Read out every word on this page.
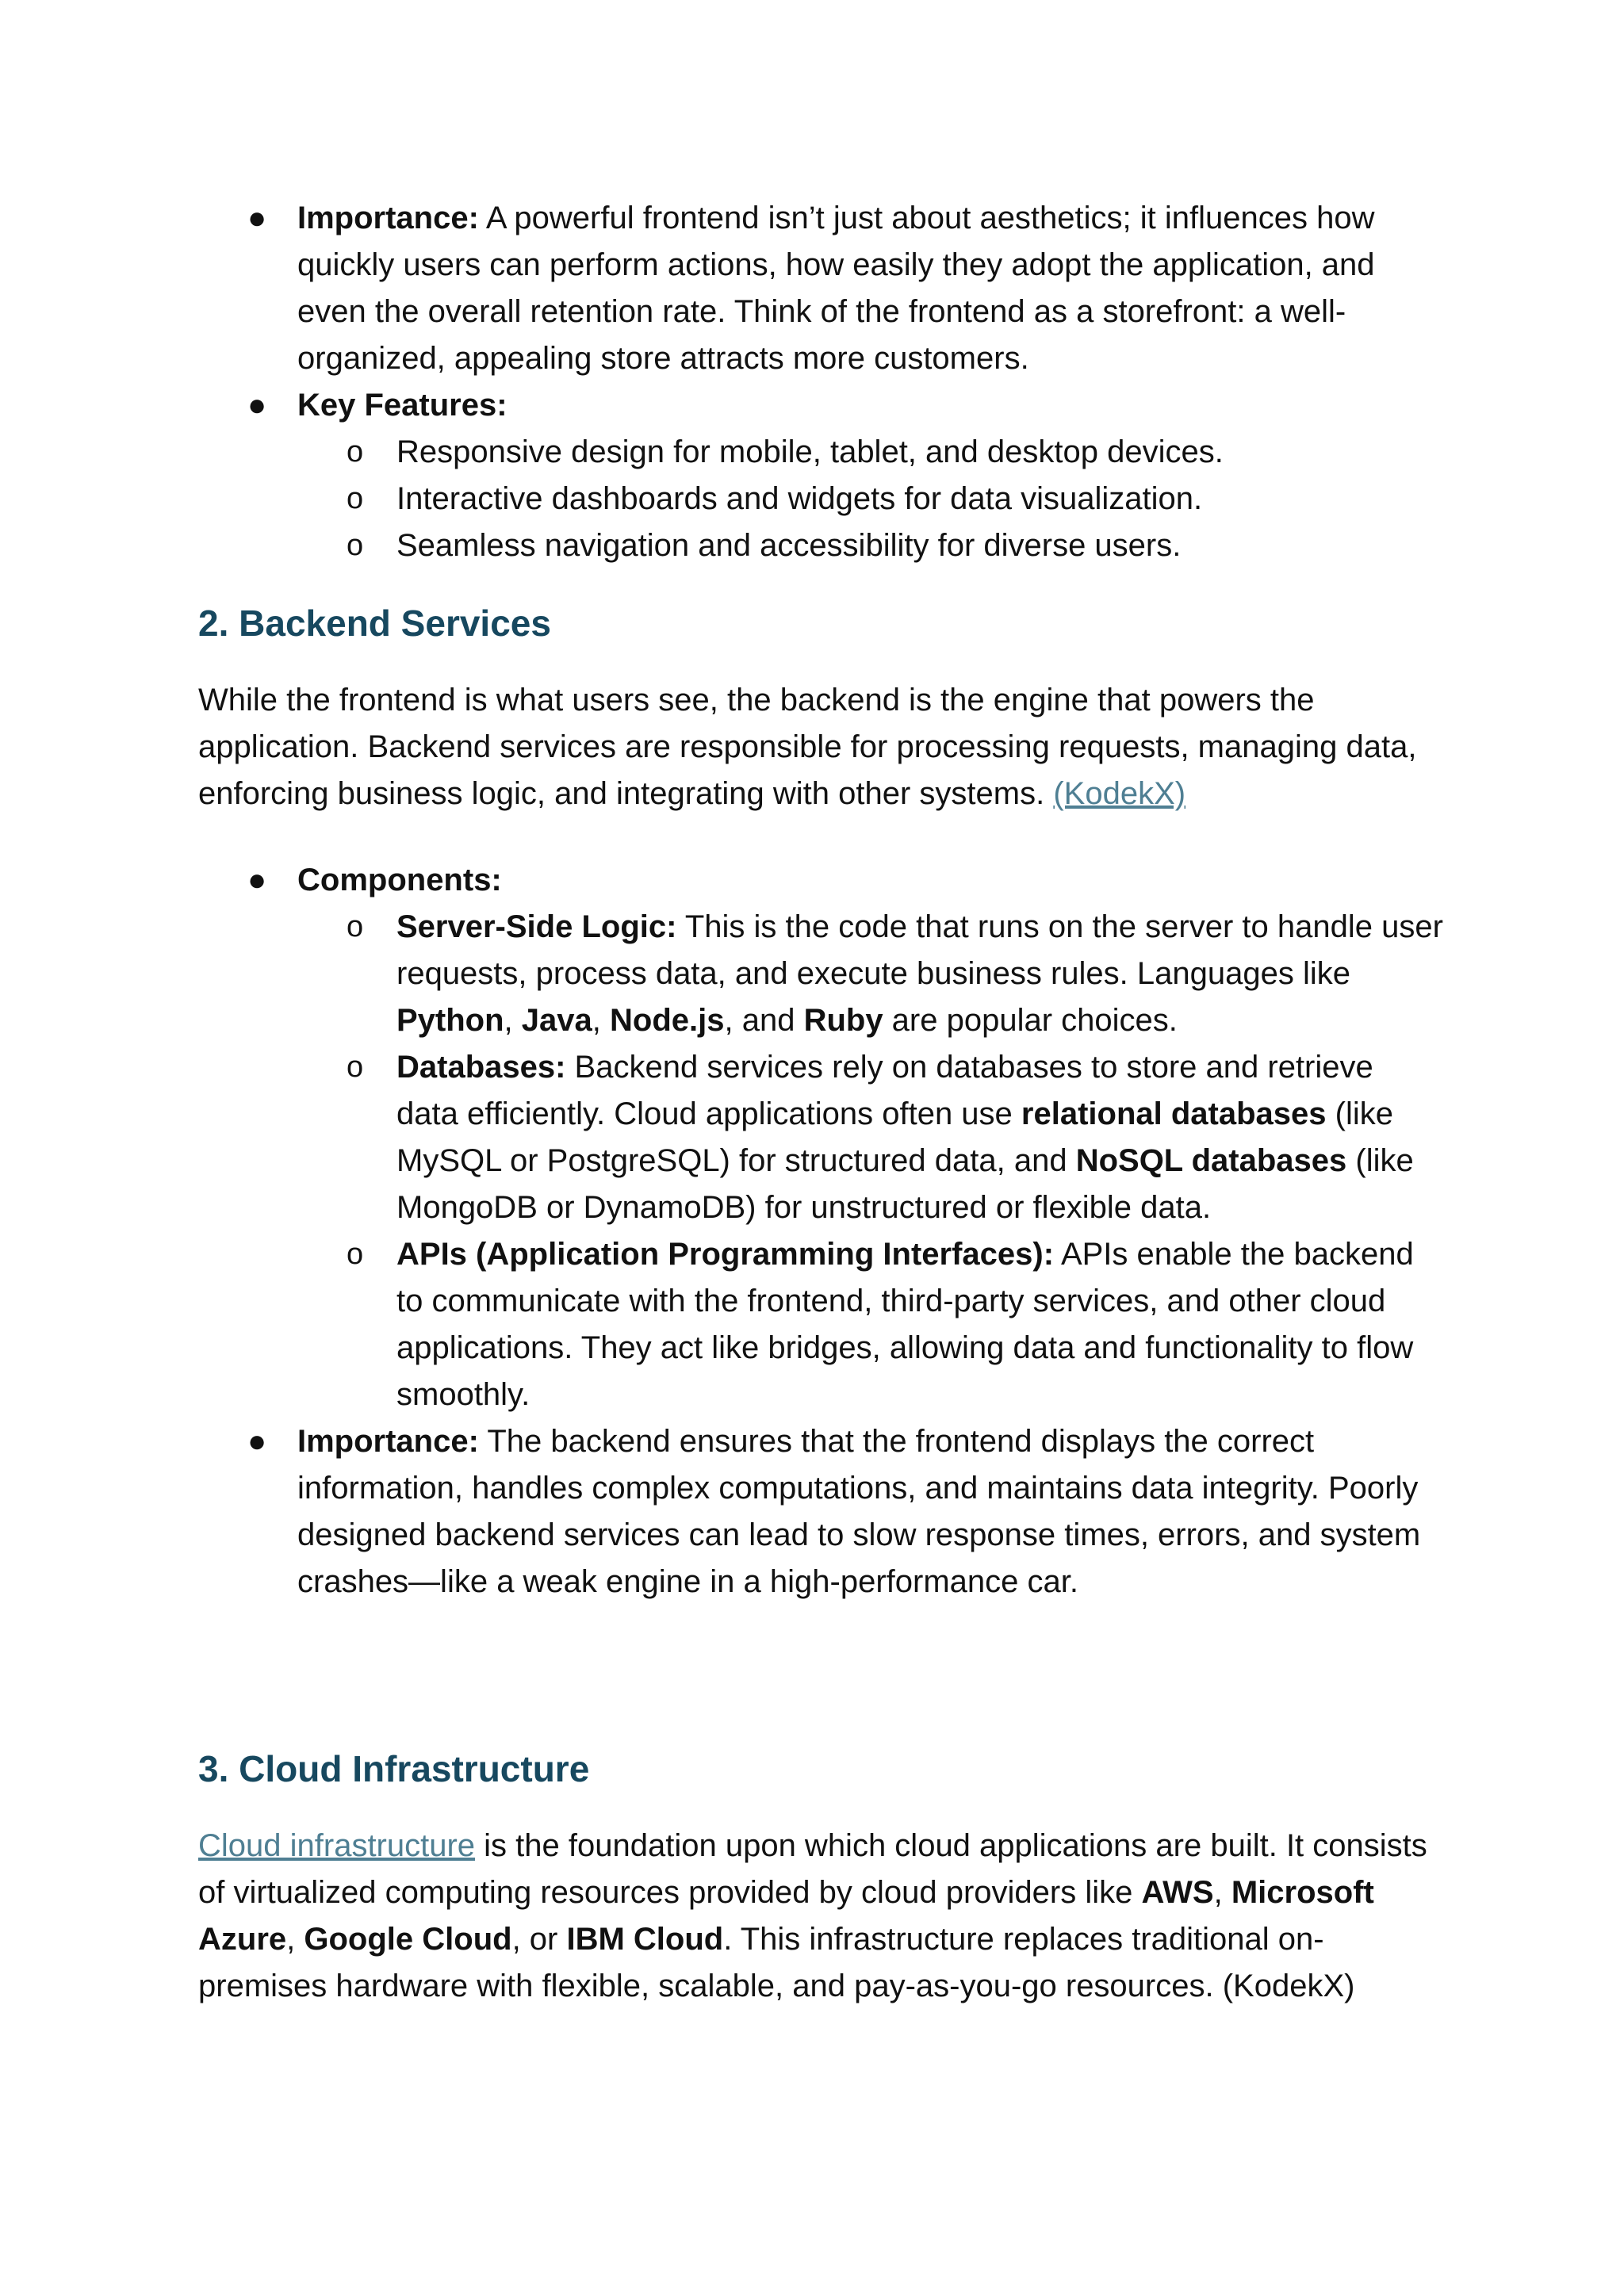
● Importance: A powerful frontend isn’t just about aesthetics; it influences how quickly users can perform actions, how easily they adopt the application, and even the overall retention rate. Think of the frontend as a storefront: a well-organized, appealing store attracts more customers.

● Key Features:

o Responsive design for mobile, tablet, and desktop devices.

o Interactive dashboards and widgets for data visualization.

o Seamless navigation and accessibility for diverse users.

2. Backend Services

While the frontend is what users see, the backend is the engine that powers the application. Backend services are responsible for processing requests, managing data, enforcing business logic, and integrating with other systems. (KodekX)

● Components:

o Server-Side Logic: This is the code that runs on the server to handle user requests, process data, and execute business rules. Languages like Python, Java, Node.js, and Ruby are popular choices.

o Databases: Backend services rely on databases to store and retrieve data efficiently. Cloud applications often use relational databases (like MySQL or PostgreSQL) for structured data, and NoSQL databases (like MongoDB or DynamoDB) for unstructured or flexible data.

o APIs (Application Programming Interfaces): APIs enable the backend to communicate with the frontend, third-party services, and other cloud applications. They act like bridges, allowing data and functionality to flow smoothly.

● Importance: The backend ensures that the frontend displays the correct information, handles complex computations, and maintains data integrity. Poorly designed backend services can lead to slow response times, errors, and system crashes—like a weak engine in a high-performance car.

3. Cloud Infrastructure

Cloud infrastructure is the foundation upon which cloud applications are built. It consists of virtualized computing resources provided by cloud providers like AWS, Microsoft Azure, Google Cloud, or IBM Cloud. This infrastructure replaces traditional on-premises hardware with flexible, scalable, and pay-as-you-go resources. (KodekX)
